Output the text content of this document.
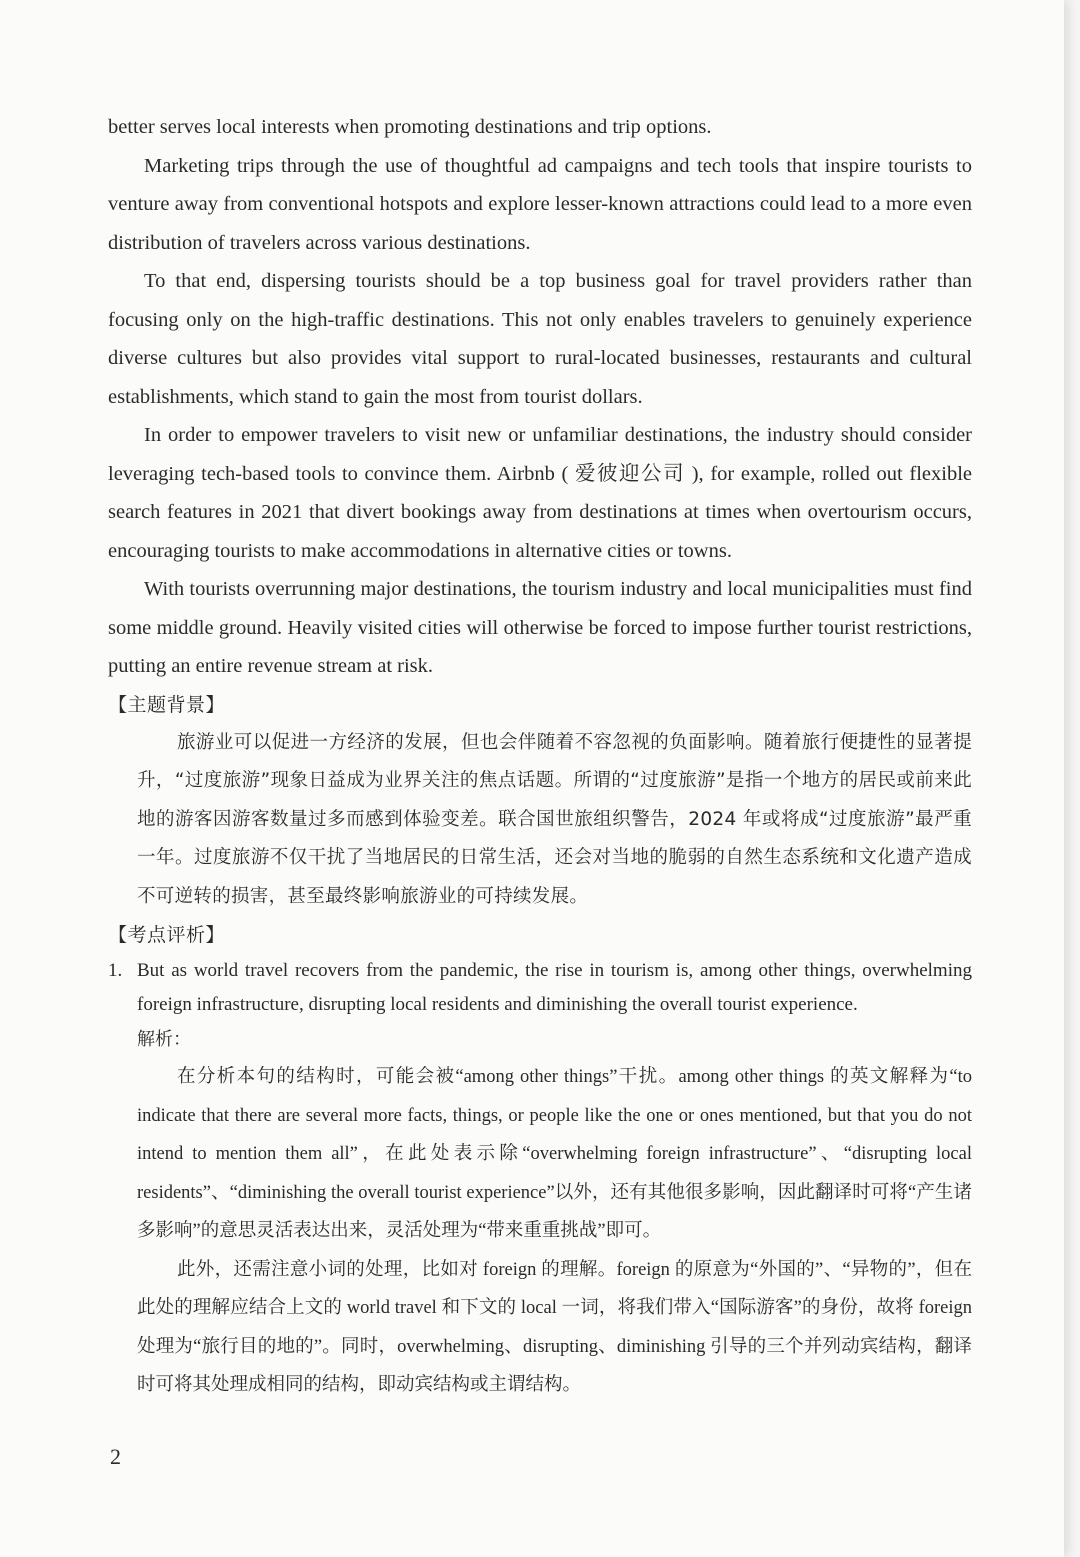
better serves local interests when promoting destinations and trip options.

Marketing trips through the use of thoughtful ad campaigns and tech tools that inspire tourists to venture away from conventional hotspots and explore lesser-known attractions could lead to a more even distribution of travelers across various destinations.

To that end, dispersing tourists should be a top business goal for travel providers rather than focusing only on the high-traffic destinations. This not only enables travelers to genuinely experience diverse cultures but also provides vital support to rural-located businesses, restaurants and cultural establishments, which stand to gain the most from tourist dollars.

In order to empower travelers to visit new or unfamiliar destinations, the industry should consider leveraging tech-based tools to convince them. Airbnb ( 爱彼迎公司 ), for example, rolled out flexible search features in 2021 that divert bookings away from destinations at times when overtourism occurs, encouraging tourists to make accommodations in alternative cities or towns.

With tourists overrunning major destinations, the tourism industry and local municipalities must find some middle ground. Heavily visited cities will otherwise be forced to impose further tourist restrictions, putting an entire revenue stream at risk.

【主题背景】

旅游业可以促进一方经济的发展，但也会伴随着不容忽视的负面影响。随着旅行便捷性的显著提升，“过度旅游”现象日益成为业界关注的焦点话题。所谓的“过度旅游”是指一个地方的居民或前来此地的游客因游客数量过多而感到体验变差。联合国世旅组织警告，2024 年或将成“过度旅游”最严重一年。过度旅游不仅干扰了当地居民的日常生活，还会对当地的脆弱的自然生态系统和文化遗产造成不可逆转的损害，甚至最终影响旅游业的可持续发展。

【考点评析】

1. But as world travel recovers from the pandemic, the rise in tourism is, among other things, overwhelming foreign infrastructure, disrupting local residents and diminishing the overall tourist experience.

解析：

在分析本句的结构时，可能会被“among other things”干扰。among other things 的英文解释为“to indicate that there are several more facts, things, or people like the one or ones mentioned, but that you do not intend to mention them all”，在此处表示除“overwhelming foreign infrastructure”、“disrupting local residents”、“diminishing the overall tourist experience”以外，还有其他很多影响，因此翻译时可将“产生诸多影响”的意思灵活表达出来，灵活处理为“带来重重挑战”即可。

此外，还需注意小词的处理，比如对 foreign 的理解。foreign 的原意为“外国的”、“异物的”，但在此处的理解应结合上文的 world travel 和下文的 local 一词，将我们带入“国际游客”的身份，故将 foreign 处理为“旅行目的地的”。同时，overwhelming、disrupting、diminishing 引导的三个并列动宾结构，翻译时可将其处理成相同的结构，即动宾结构或主谓结构。

2
